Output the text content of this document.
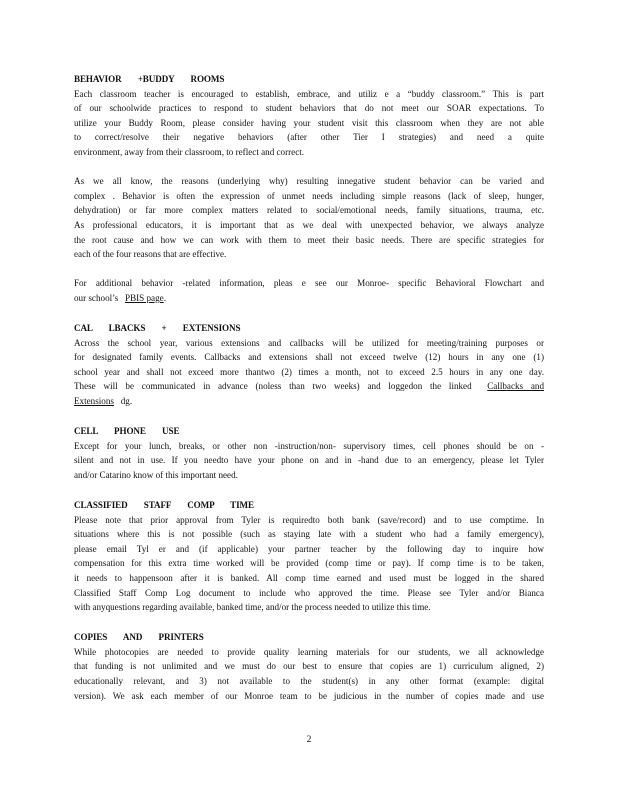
BEHAVIOR +BUDDY ROOMS
Each classroom teacher is encouraged to establish, embrace, and utiliz e a “buddy classroom.” This is part
of our schoolwide practices to respond to student behaviors that do not meet our SOAR expectations. To
utilize your Buddy Room, please consider having your student visit this classroom when they are not able
to correct/resolve their negative behaviors (after other Tier I strategies) and need a quite
environment, away from their classroom, to reflect and correct.
As we all know, the reasons (underlying why) resulting innegative student behavior can be varied and
complex . Behavior is often the expression of unmet needs including simple reasons (lack of sleep, hunger,
dehydration) or far more complex matters related to social/emotional needs, family situations, trauma, etc.
As professional educators, it is important that as we deal with unexpected behavior, we always analyze
the root cause and how we can work with them to meet their basic needs. There are specific strategies for
each of the four reasons that are effective.
For additional behavior -related information, pleas e see our Monroe- specific Behavioral Flowchart and
our school’s PBIS page.
CAL LBACKS + EXTENSIONS
Across the school year, various extensions and callbacks will be utilized for meeting/training purposes or
for designated family events. Callbacks and extensions shall not exceed twelve (12) hours in any one (1)
school year and shall not exceed more thantwo (2) times a month, not to exceed 2.5 hours in any one day.
These will be communicated in advance (noless than two weeks) and loggedon the linked Callbacks and
Extensions dg.
CELL PHONE USE
Except for your lunch, breaks, or other non -instruction/non- supervisory times, cell phones should be on -
silent and not in use. If you needto have your phone on and in -hand due to an emergency, please let Tyler
and/or Catarino know of this important need.
CLASSIFIED STAFF COMP TIME
Please note that prior approval from Tyler is requiredto both bank (save/record) and to use comptime. In
situations where this is not possible (such as staying late with a student who had a family emergency),
please email Tyl er and (if applicable) your partner teacher by the following day to inquire how
compensation for this extra time worked will be provided (comp time or pay). If comp time is to be taken,
it needs to happensoon after it is banked. All comp time earned and used must be logged in the shared
Classified Staff Comp Log document to include who approved the time. Please see Tyler and/or Bianca
with anyquestions regarding available, banked time, and/or the process needed to utilize this time.
COPIES AND PRINTERS
While photocopies are needed to provide quality learning materials for our students, we all acknowledge
that funding is not unlimited and we must do our best to ensure that copies are 1) curriculum aligned, 2)
educationally relevant, and 3) not available to the student(s) in any other format (example: digital
version). We ask each member of our Monroe team to be judicious in the number of copies made and use
2
